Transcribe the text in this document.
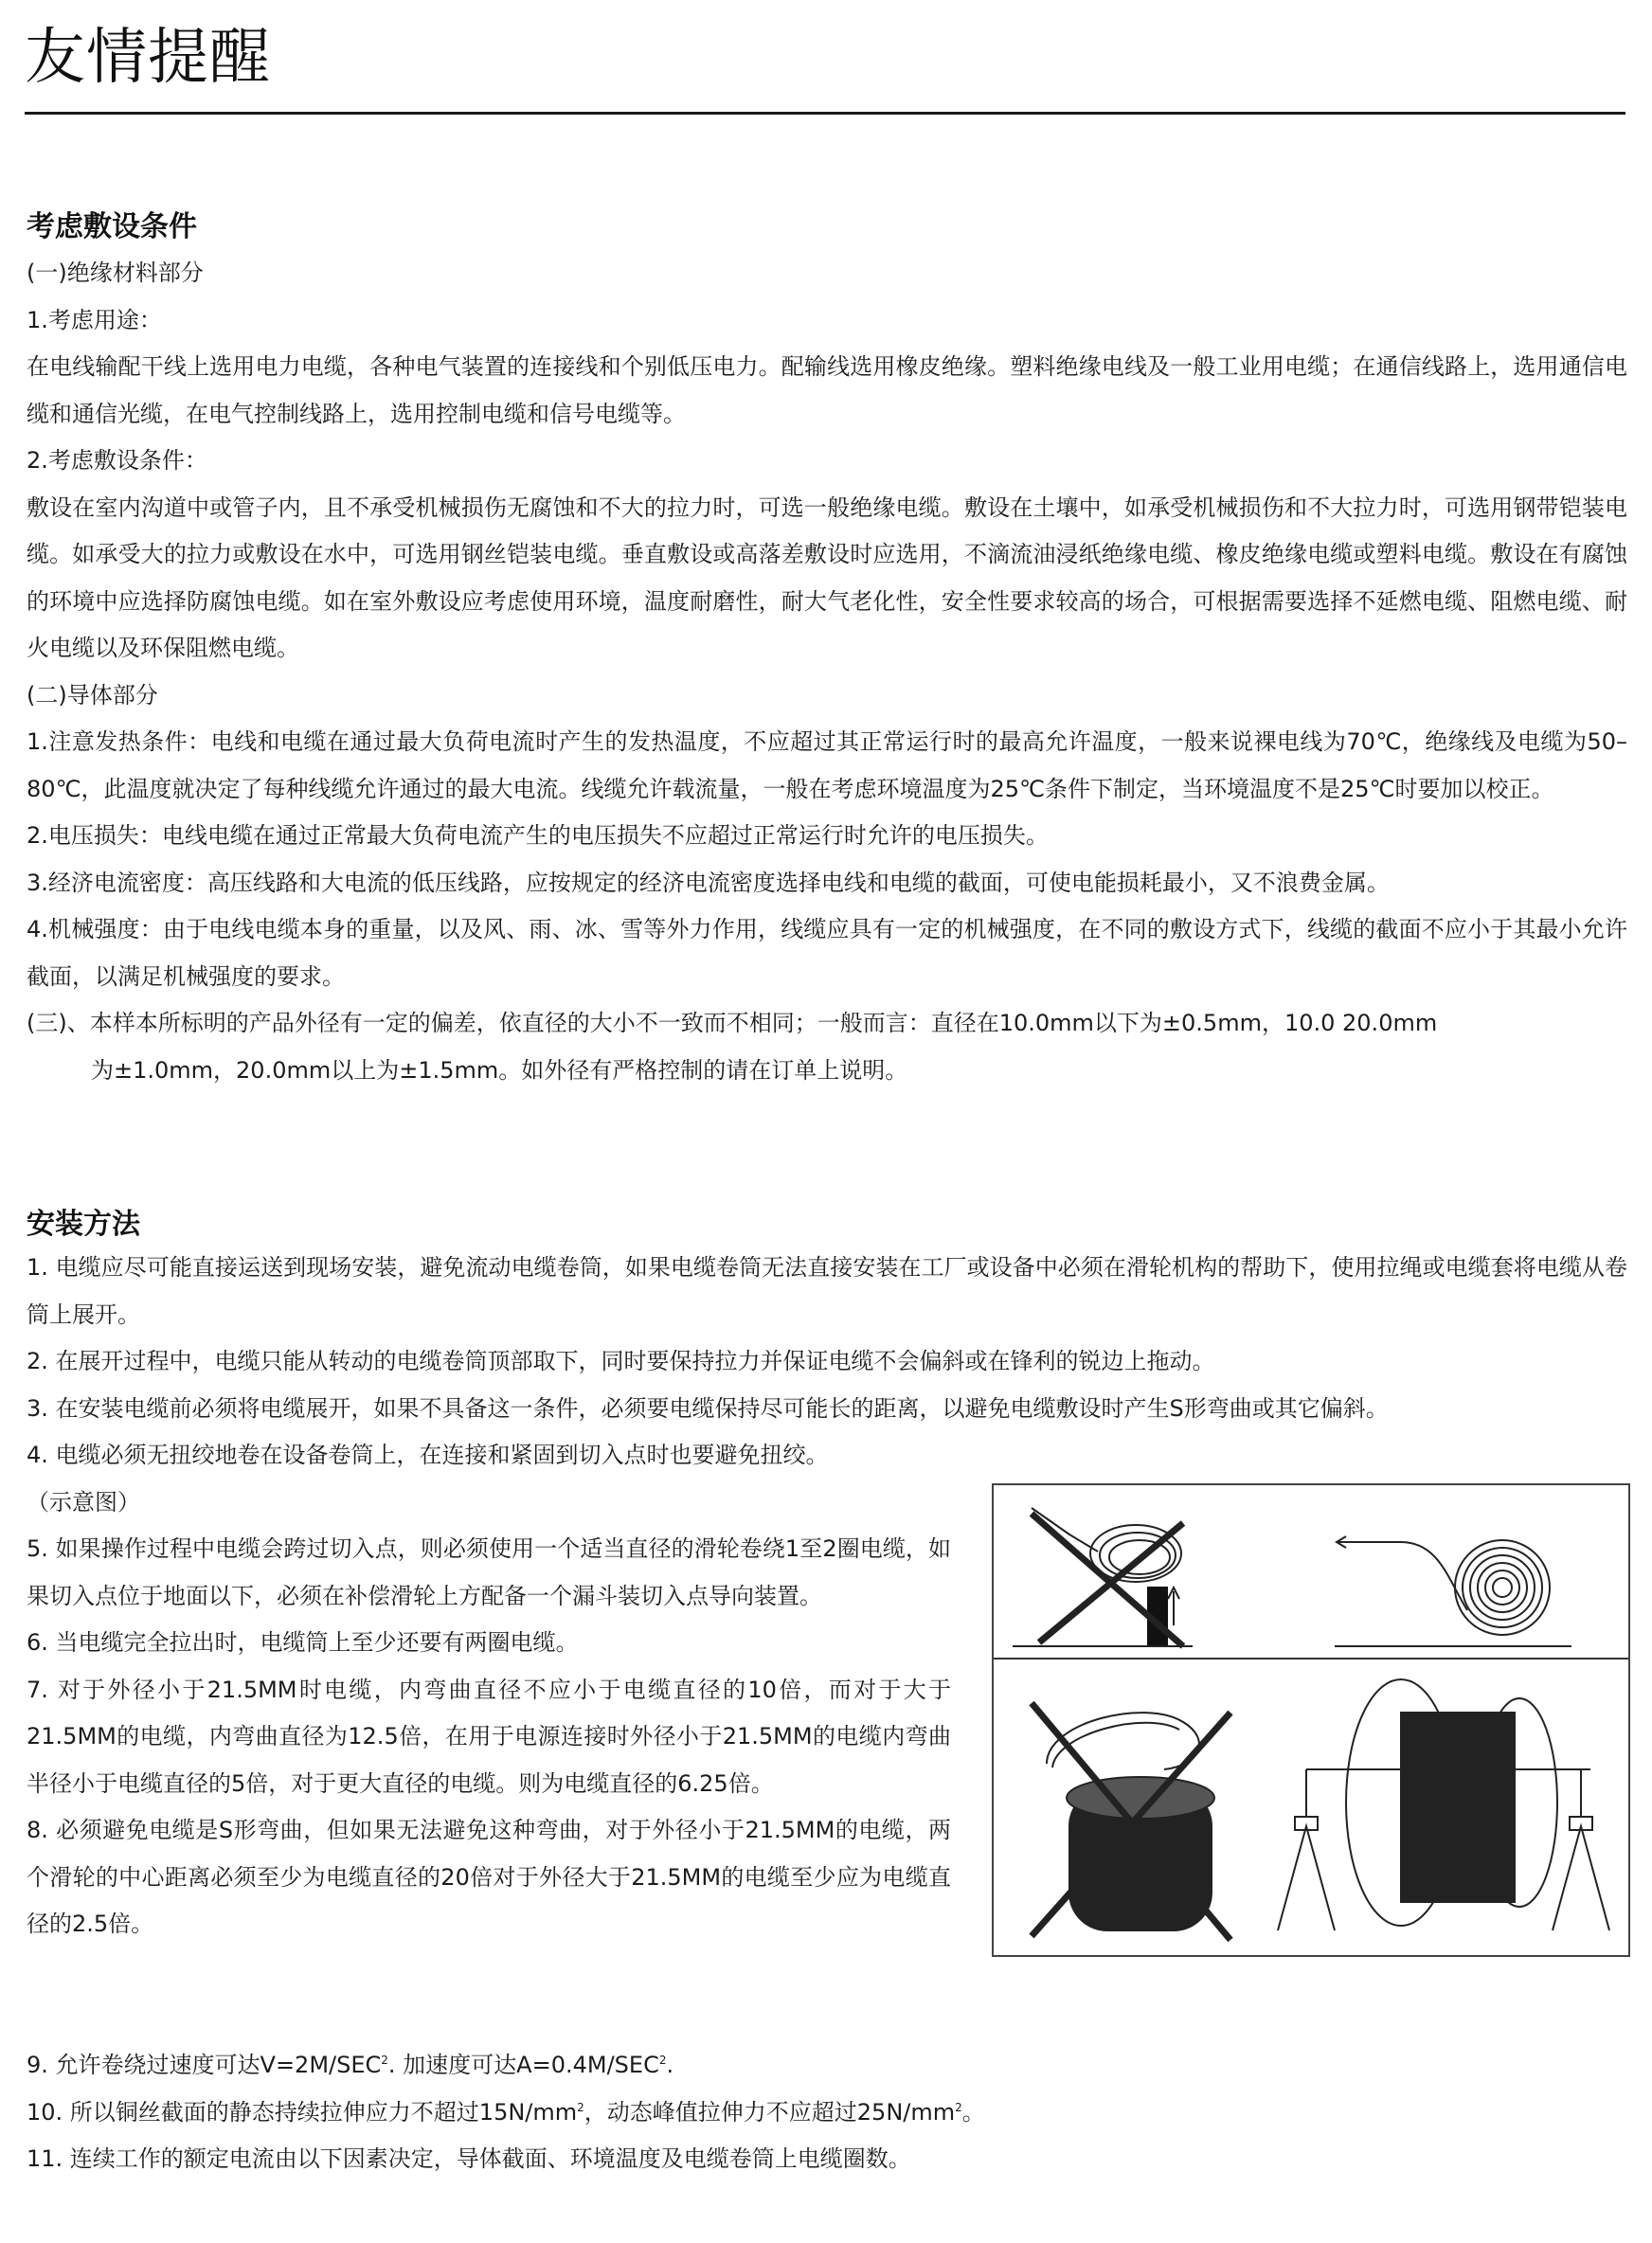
友情提醒
考虑敷设条件

(一)绝缘材料部分

1.考虑用途：

在电线输配干线上选用电力电缆，各种电气装置的连接线和个别低压电力。配输线选用橡皮绝缘。塑料绝缘电线及一般工业用电缆；在通信线路上，选用通信电缆和通信光缆，在电气控制线路上，选用控制电缆和信号电缆等。

2.考虑敷设条件：

敷设在室内沟道中或管子内，且不承受机械损伤无腐蚀和不大的拉力时，可选一般绝缘电缆。敷设在土壤中，如承受机械损伤和不大拉力时，可选用钢带铠装电缆。如承受大的拉力或敷设在水中，可选用钢丝铠装电缆。垂直敷设或高落差敷设时应选用，不滴流油浸纸绝缘电缆、橡皮绝缘电缆或塑料电缆。敷设在有腐蚀的环境中应选择防腐蚀电缆。如在室外敷设应考虑使用环境，温度耐磨性，耐大气老化性，安全性要求较高的场合，可根据需要选择不延燃电缆、阻燃电缆、耐火电缆以及环保阻燃电缆。

(二)导体部分

1.注意发热条件：电线和电缆在通过最大负荷电流时产生的发热温度，不应超过其正常运行时的最高允许温度，一般来说裸电线为70℃，绝缘线及电缆为50–80℃，此温度就决定了每种线缆允许通过的最大电流。线缆允许载流量，一般在考虑环境温度为25℃条件下制定，当环境温度不是25℃时要加以校正。

2.电压损失：电线电缆在通过正常最大负荷电流产生的电压损失不应超过正常运行时允许的电压损失。

3.经济电流密度：高压线路和大电流的低压线路，应按规定的经济电流密度选择电线和电缆的截面，可使电能损耗最小，又不浪费金属。

4.机械强度：由于电线电缆本身的重量，以及风、雨、冰、雪等外力作用，线缆应具有一定的机械强度，在不同的敷设方式下，线缆的截面不应小于其最小允许截面，以满足机械强度的要求。

(三)、本样本所标明的产品外径有一定的偏差，依直径的大小不一致而不相同；一般而言：直径在10.0mm以下为±0.5mm，10.0 20.0mm

为±1.0mm，20.0mm以上为±1.5mm。如外径有严格控制的请在订单上说明。

安装方法

1. 电缆应尽可能直接运送到现场安装，避免流动电缆卷筒，如果电缆卷筒无法直接安装在工厂或设备中必须在滑轮机构的帮助下，使用拉绳或电缆套将电缆从卷筒上展开。

2. 在展开过程中，电缆只能从转动的电缆卷筒顶部取下，同时要保持拉力并保证电缆不会偏斜或在锋利的锐边上拖动。

3. 在安装电缆前必须将电缆展开，如果不具备这一条件，必须要电缆保持尽可能长的距离，以避免电缆敷设时产生S形弯曲或其它偏斜。

4. 电缆必须无扭绞地卷在设备卷筒上，在连接和紧固到切入点时也要避免扭绞。

（示意图）

5. 如果操作过程中电缆会跨过切入点，则必须使用一个适当直径的滑轮卷绕1至2圈电缆，如果切入点位于地面以下，必须在补偿滑轮上方配备一个漏斗装切入点导向装置。

6. 当电缆完全拉出时，电缆筒上至少还要有两圈电缆。

7. 对于外径小于21.5MM时电缆，内弯曲直径不应小于电缆直径的10倍，而对于大于21.5MM的电缆，内弯曲直径为12.5倍，在用于电源连接时外径小于21.5MM的电缆内弯曲半径小于电缆直径的5倍，对于更大直径的电缆。则为电缆直径的6.25倍。

8. 必须避免电缆是S形弯曲，但如果无法避免这种弯曲，对于外径小于21.5MM的电缆，两个滑轮的中心距离必须至少为电缆直径的20倍对于外径大于21.5MM的电缆至少应为电缆直径的2.5倍。

9. 允许卷绕过速度可达$V=2M/SEC^2$. 加速度可达$A=0.4M/SEC^2$.

10. 所以铜丝截面的静态持续拉伸应力不超过$15N/mm^2$，动态峰值拉伸力不应超过$25N/mm^2$。

11. 连续工作的额定电流由以下因素决定，导体截面、环境温度及电缆卷筒上电缆圈数。
